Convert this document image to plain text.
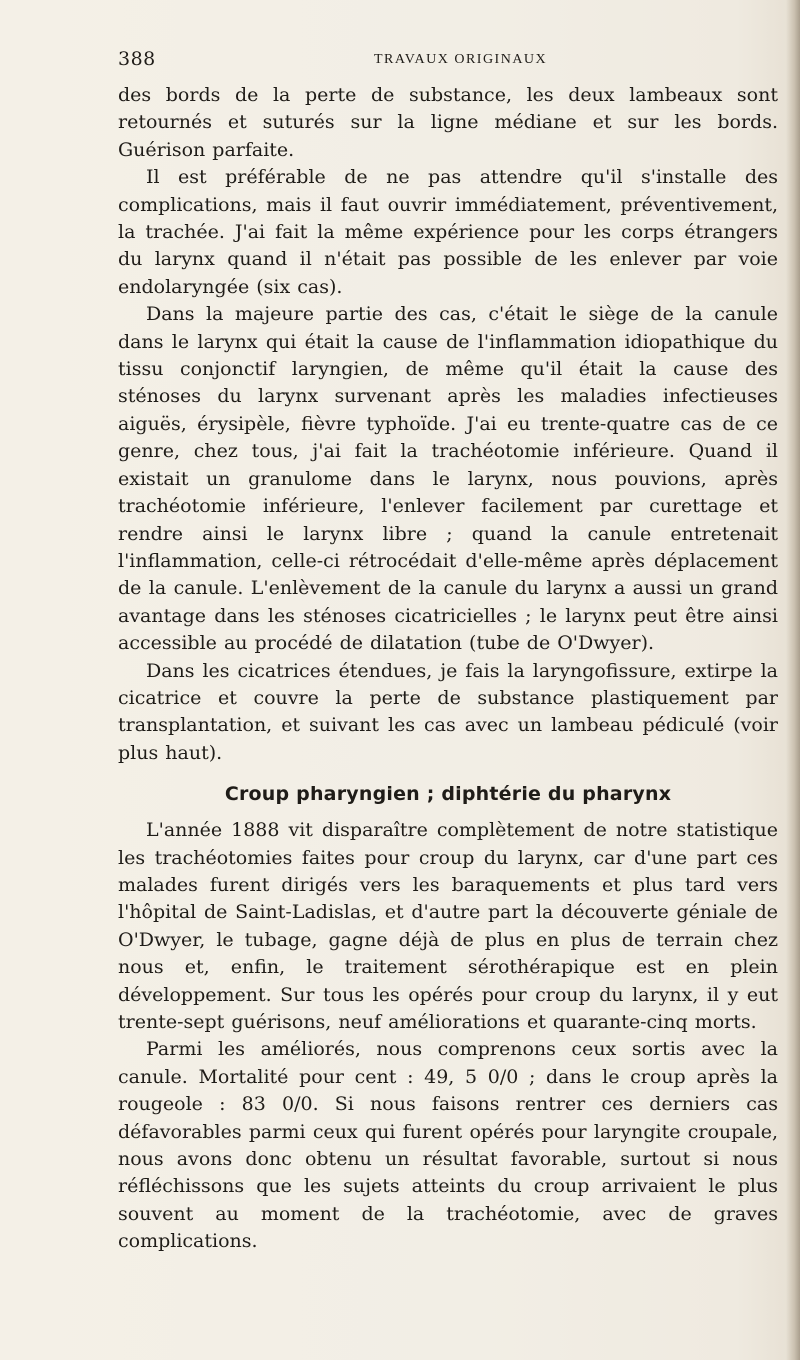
388	TRAVAUX ORIGINAUX

des bords de la perte de substance, les deux lambeaux sont retournés et suturés sur la ligne médiane et sur les bords. Guérison parfaite.

Il est préférable de ne pas attendre qu'il s'installe des complications, mais il faut ouvrir immédiatement, préventivement, la trachée. J'ai fait la même expérience pour les corps étrangers du larynx quand il n'était pas possible de les enlever par voie endolaryngée (six cas).

Dans la majeure partie des cas, c'était le siège de la canule dans le larynx qui était la cause de l'inflammation idiopathique du tissu conjonctif laryngien, de même qu'il était la cause des sténoses du larynx survenant après les maladies infectieuses aiguës, érysipèle, fièvre typhoïde. J'ai eu trente-quatre cas de ce genre, chez tous, j'ai fait la trachéotomie inférieure. Quand il existait un granulome dans le larynx, nous pouvions, après trachéotomie inférieure, l'enlever facilement par curettage et rendre ainsi le larynx libre ; quand la canule entretenait l'inflammation, celle-ci rétrocédait d'elle-même après déplacement de la canule. L'enlèvement de la canule du larynx a aussi un grand avantage dans les sténoses cicatricielles ; le larynx peut être ainsi accessible au procédé de dilatation (tube de O'Dwyer).

Dans les cicatrices étendues, je fais la laryngofissure, extirpe la cicatrice et couvre la perte de substance plastiquement par transplantation, et suivant les cas avec un lambeau pédiculé (voir plus haut).

Croup pharyngien ; diphtérie du pharynx

L'année 1888 vit disparaître complètement de notre statistique les trachéotomies faites pour croup du larynx, car d'une part ces malades furent dirigés vers les baraquements et plus tard vers l'hôpital de Saint-Ladislas, et d'autre part la découverte géniale de O'Dwyer, le tubage, gagne déjà de plus en plus de terrain chez nous et, enfin, le traitement sérothérapique est en plein développement. Sur tous les opérés pour croup du larynx, il y eut trente-sept guérisons, neuf améliorations et quarante-cinq morts.

Parmi les améliorés, nous comprenons ceux sortis avec la canule. Mortalité pour cent : 49, 5 0/0 ; dans le croup après la rougeole : 83 0/0. Si nous faisons rentrer ces derniers cas défavorables parmi ceux qui furent opérés pour laryngite croupale, nous avons donc obtenu un résultat favorable, surtout si nous réfléchissons que les sujets atteints du croup arrivaient le plus souvent au moment de la trachéotomie, avec de graves complications.
